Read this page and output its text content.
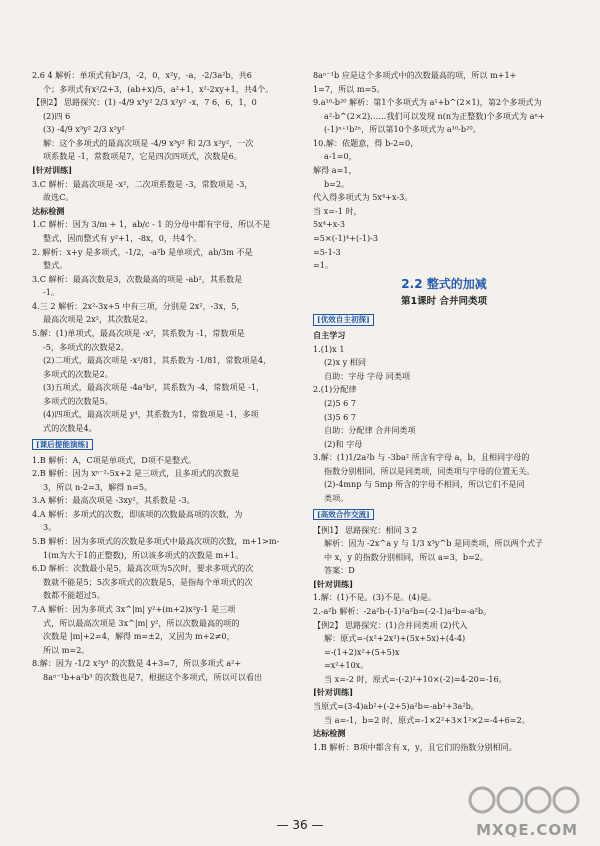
2.6 4 解析：单项式有b²/3，-2，0，x²y，-a，-2/3a²b，共6
个；多项式有x²/2+3，(ab+x)/5，a²+1，x²-2xy+1，共4个。
【例2】 思路探究：(1) -4/9 x³y² 2/3 x²y² -x，7 6，6，1，0
(2)四 6
(3) -4/9 x³y² 2/3 x²y²
解：这个多项式的最高次项是 -4/9 x³y² 和 2/3 x²y²，一次
项系数是 -1，常数项是7，它是四次四项式，次数是6。
[针对训练]
3.C 解析：最高次项是 -x²，二次项系数是 -3，常数项是 -3，
故选C。
达标检测
1.C 解析：因为 3/m + 1，ab/c - 1 的分母中都有字母，所以不是
整式，因而整式有 y²+1，-8x，0，共4个。
2. 解析：x+y 是多项式，-1/2，-a²b 是单项式，ab/3m 不是
整式。
3.C 解析：最高次数是3，次数最高的项是 -ab²，其系数是
-1。
4.三 2 解析：2x²-3x+5 中有三项，分别是 2x²，-3x，5，
最高次项是 2x²，其次数是2。
5.解：(1)单项式，最高次项是 -x²，其系数为 -1，常数项是
-5，多项式的次数是2。
(2)二项式，最高次项是 -x²/81，其系数为 -1/81，常数项是4，
多项式的次数是2。
(3)五项式，最高次项是 -4a³b²，其系数为 -4，常数项是 -1，
多项式的次数是5。
(4)四项式，最高次项是 y⁴，其系数为1，常数项是 -1，多项
式的次数是4。
[课后提能演练]
1.B 解析：A，C项是单项式，D项不是整式。
2.B 解析：因为 xⁿ⁻²-5x+2 是三项式，且多项式的次数是
3，所以 n-2=3，解得 n=5。
3.A 解析：最高次项是 -3xy²，其系数是 -3。
4.A 解析：多项式的次数，即该项的次数最高项的次数，为
3。
5.B 解析：因为多项式的次数是多项式中最高次项的次数，m+1>m-
1(m为大于1的正整数)，所以该多项式的次数是 m+1。
6.D 解析：次数最小是5，最高次项为5次时，要求多项式的次
数就不能是5；5次多项式的次数是5，是指每个单项式的次
数都不能超过5。
7.A 解析：因为多项式 3x^|m| y²+(m+2)x²y-1 是三项
式，所以最高次项是 3x^|m| y²，所以次数最高的项的
次数是 |m|+2=4，解得 m=±2，又因为 m+2≠0，
所以 m=2。
8.解：因为 -1/2 x²y³ 的次数是 4+3=7，所以多项式 a²+
8aⁿ⁻¹b+a²b³ 的次数也是7，根据这个多项式，所以可以看出
8aⁿ⁻¹b 应是这个多项式中的次数最高的项，所以 m+1+
1=7，所以 m=5。
9.a¹⁰-b²⁰ 解析：第1个多项式为 a¹+b^(2×1)，第2个多项式为
a²-b^(2×2)……我们可以发现 n(n为正整数)个多项式为 aⁿ+
(-1)ⁿ⁺¹b²ⁿ，所以第10个多项式为 a¹⁰-b²⁰。
10.解：依题意，得 b-2=0，
a-1=0，
解得 a=1，
b=2。
代入得多项式为 5x⁴+x-3。
当 x=-1 时，
5x⁴+x-3
=5×(-1)⁴+(-1)-3
=5-1-3
=1。
2.2 整式的加减
第1课时 合并同类项
[优效自主初探]
自主学习
1.(1)x 1
(2)x y 相同
自助：字母 字母 同类项
2.(1)分配律
(2)5 6 7
(3)5 6 7
自助：分配律 合并同类项
(2)和 字母
3.解：(1)1/2a²b 与 -3ba² 所含有字母 a，b，且相同字母的
指数分别相同，所以是同类项，同类项与字母的位置无关。
(2)-4mnp 与 5mp 所含的字母不相同，所以它们不是同
类项。
[高效合作交流]
【例1】 思路探究：相同 3 2
解析：因为 -2x^a y 与 1/3 x³y^b 是同类项，所以两个式子
中 x，y 的指数分别相同，所以 a=3，b=2。
答案：D
[针对训练]
1.解：(1)不是。(3)不是。(4)是。
2.-a²b 解析：-2a²b-(-1)²a²b=(-2-1)a²b=-a²b。
【例2】 思路探究：(1)合并同类项 (2)代入
解：原式=-(x²+2x²)+(5x+5x)+(4-4)
=-(1+2)x²+(5+5)x
=x²+10x。
当 x=-2 时，原式=-(-2)²+10×(-2)=4-20=-16。
[针对训练]
当原式=(3-4)ab²+(-2+5)a²b=-ab²+3a²b。
当 a=-1，b=2 时，原式=-1×2²+3×1²×2=-4+6=2。
达标检测
1.B 解析：B项中都含有 x，y，且它们的指数分别相同。
— 36 —	MXQE.COM
